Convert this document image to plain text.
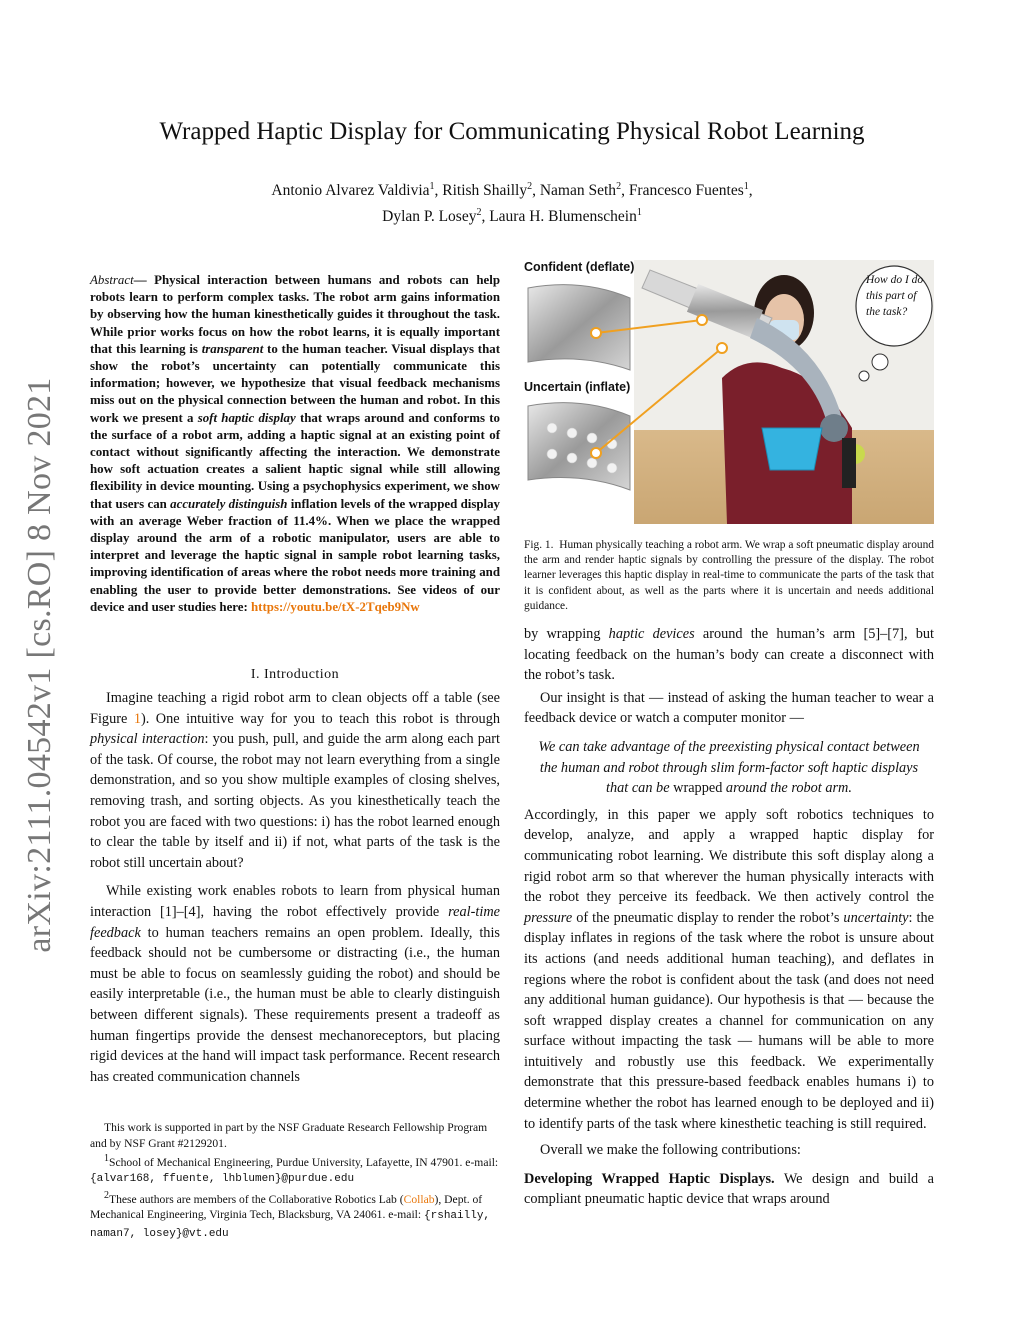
Wrapped Haptic Display for Communicating Physical Robot Learning
Antonio Alvarez Valdivia$^1$, Ritish Shailly$^2$, Naman Seth$^2$, Francesco Fuentes$^1$,
Dylan P. Losey$^2$, Laura H. Blumenschein$^1$
arXiv:2111.04542v1 [cs.RO] 8 Nov 2021
Abstract— Physical interaction between humans and robots can help robots learn to perform complex tasks. The robot arm gains information by observing how the human kinesthetically guides it throughout the task. While prior works focus on how the robot learns, it is equally important that this learning is transparent to the human teacher. Visual displays that show the robot’s uncertainty can potentially communicate this information; however, we hypothesize that visual feedback mechanisms miss out on the physical connection between the human and robot. In this work we present a soft haptic display that wraps around and conforms to the surface of a robot arm, adding a haptic signal at an existing point of contact without significantly affecting the interaction. We demonstrate how soft actuation creates a salient haptic signal while still allowing flexibility in device mounting. Using a psychophysics experiment, we show that users can accurately distinguish inflation levels of the wrapped display with an average Weber fraction of 11.4%. When we place the wrapped display around the arm of a robotic manipulator, users are able to interpret and leverage the haptic signal in sample robot learning tasks, improving identification of areas where the robot needs more training and enabling the user to provide better demonstrations. See videos of our device and user studies here: https://youtu.be/tX-2Tqeb9Nw
I. Introduction

Imagine teaching a rigid robot arm to clean objects off a table (see Figure 1). One intuitive way for you to teach this robot is through physical interaction: you push, pull, and guide the arm along each part of the task. Of course, the robot may not learn everything from a single demonstration, and so you show multiple examples of closing shelves, removing trash, and sorting objects. As you kinesthetically teach the robot you are faced with two questions: i) has the robot learned enough to clear the table by itself and ii) if not, what parts of the task is the robot still uncertain about?

While existing work enables robots to learn from physical human interaction [1]–[4], having the robot effectively provide real-time feedback to human teachers remains an open problem. Ideally, this feedback should not be cumbersome or distracting (i.e., the human must be able to focus on seamlessly guiding the robot) and should be easily interpretable (i.e., the human must be able to clearly distinguish between different signals). These requirements present a tradeoff as human fingertips provide the densest mechanoreceptors, but placing rigid devices at the hand will impact task performance. Recent research has created communication channels

This work is supported in part by the NSF Graduate Research Fellowship Program and by NSF Grant #2129201.
$^1$School of Mechanical Engineering, Purdue University, Lafayette, IN 47901. e-mail: {alvar168, ffuente, lhblumen}@purdue.edu
$^2$These authors are members of the Collaborative Robotics Lab (Collab), Dept. of Mechanical Engineering, Virginia Tech, Blacksburg, VA 24061. e-mail: {rshailly, naman7, losey}@vt.edu
Confident (deflate)
Uncertain (inflate)
How do I do this part of the task?
Fig. 1. Human physically teaching a robot arm. We wrap a soft pneumatic display around the arm and render haptic signals by controlling the pressure of the display. The robot learner leverages this haptic display in real-time to communicate the parts of the task that it is confident about, as well as the parts where it is uncertain and needs additional guidance.

by wrapping haptic devices around the human’s arm [5]–[7], but locating feedback on the human’s body can create a disconnect with the robot’s task.

Our insight is that — instead of asking the human teacher to wear a feedback device or watch a computer monitor —

We can take advantage of the preexisting physical contact between the human and robot through slim form-factor soft haptic displays that can be wrapped around the robot arm.

Accordingly, in this paper we apply soft robotics techniques to develop, analyze, and apply a wrapped haptic display for communicating robot learning. We distribute this soft display along a rigid robot arm so that wherever the human physically interacts with the robot they perceive its feedback. We then actively control the pressure of the pneumatic display to render the robot’s uncertainty: the display inflates in regions of the task where the robot is unsure about its actions (and needs additional human teaching), and deflates in regions where the robot is confident about the task (and does not need any additional human guidance). Our hypothesis is that — because the soft wrapped display creates a channel for communication on any surface without impacting the task — humans will be able to more intuitively and robustly use this feedback. We experimentally demonstrate that this pressure-based feedback enables humans i) to determine whether the robot has learned enough to be deployed and ii) to identify parts of the task where kinesthetic teaching is still required.

Overall we make the following contributions:

Developing Wrapped Haptic Displays. We design and build a compliant pneumatic haptic device that wraps around
